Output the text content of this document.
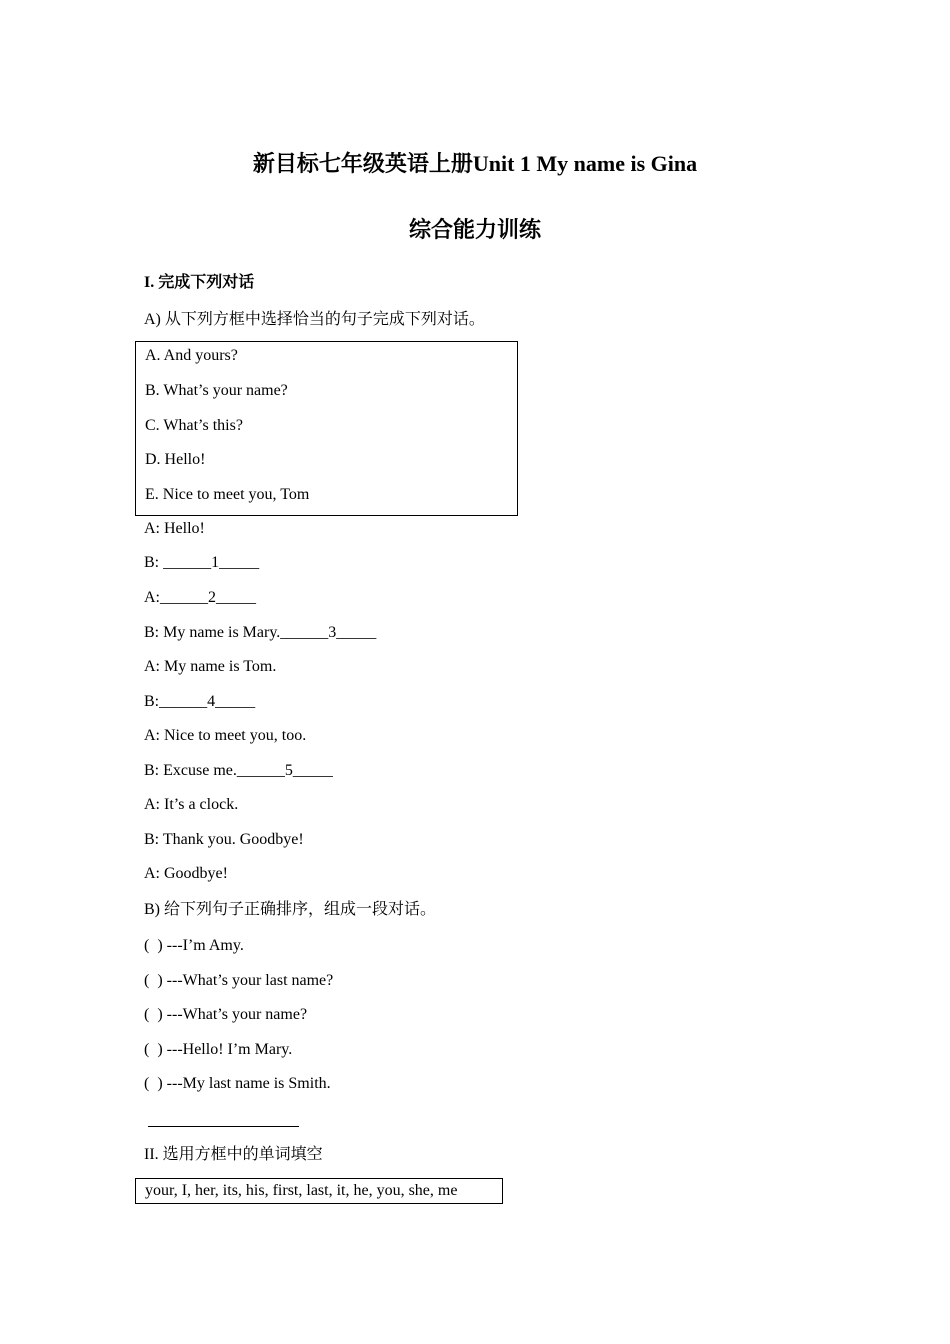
新目标七年级英语上册Unit 1 My name is Gina
综合能力训练
I. 完成下列对话
A) 从下列方框中选择恰当的句子完成下列对话。
A. And yours?
B. What’s your name?
C. What’s this?
D. Hello!
E. Nice to meet you, Tom
A: Hello!
B: ______1_____
A:______2_____
B: My name is Mary.______3_____
A: My name is Tom.
B:______4_____
A: Nice to meet you, too.
B: Excuse me.______5_____
A: It’s a clock.
B: Thank you. Goodbye!
A: Goodbye!
B) 给下列句子正确排序，组成一段对话。
(  ) ---I’m Amy.
(  ) ---What’s your last name?
(  ) ---What’s your name?
(  ) ---Hello! I’m Mary.
(  ) ---My last name is Smith.
II. 选用方框中的单词填空
your, I, her, its, his, first, last, it, he, you, she, me
